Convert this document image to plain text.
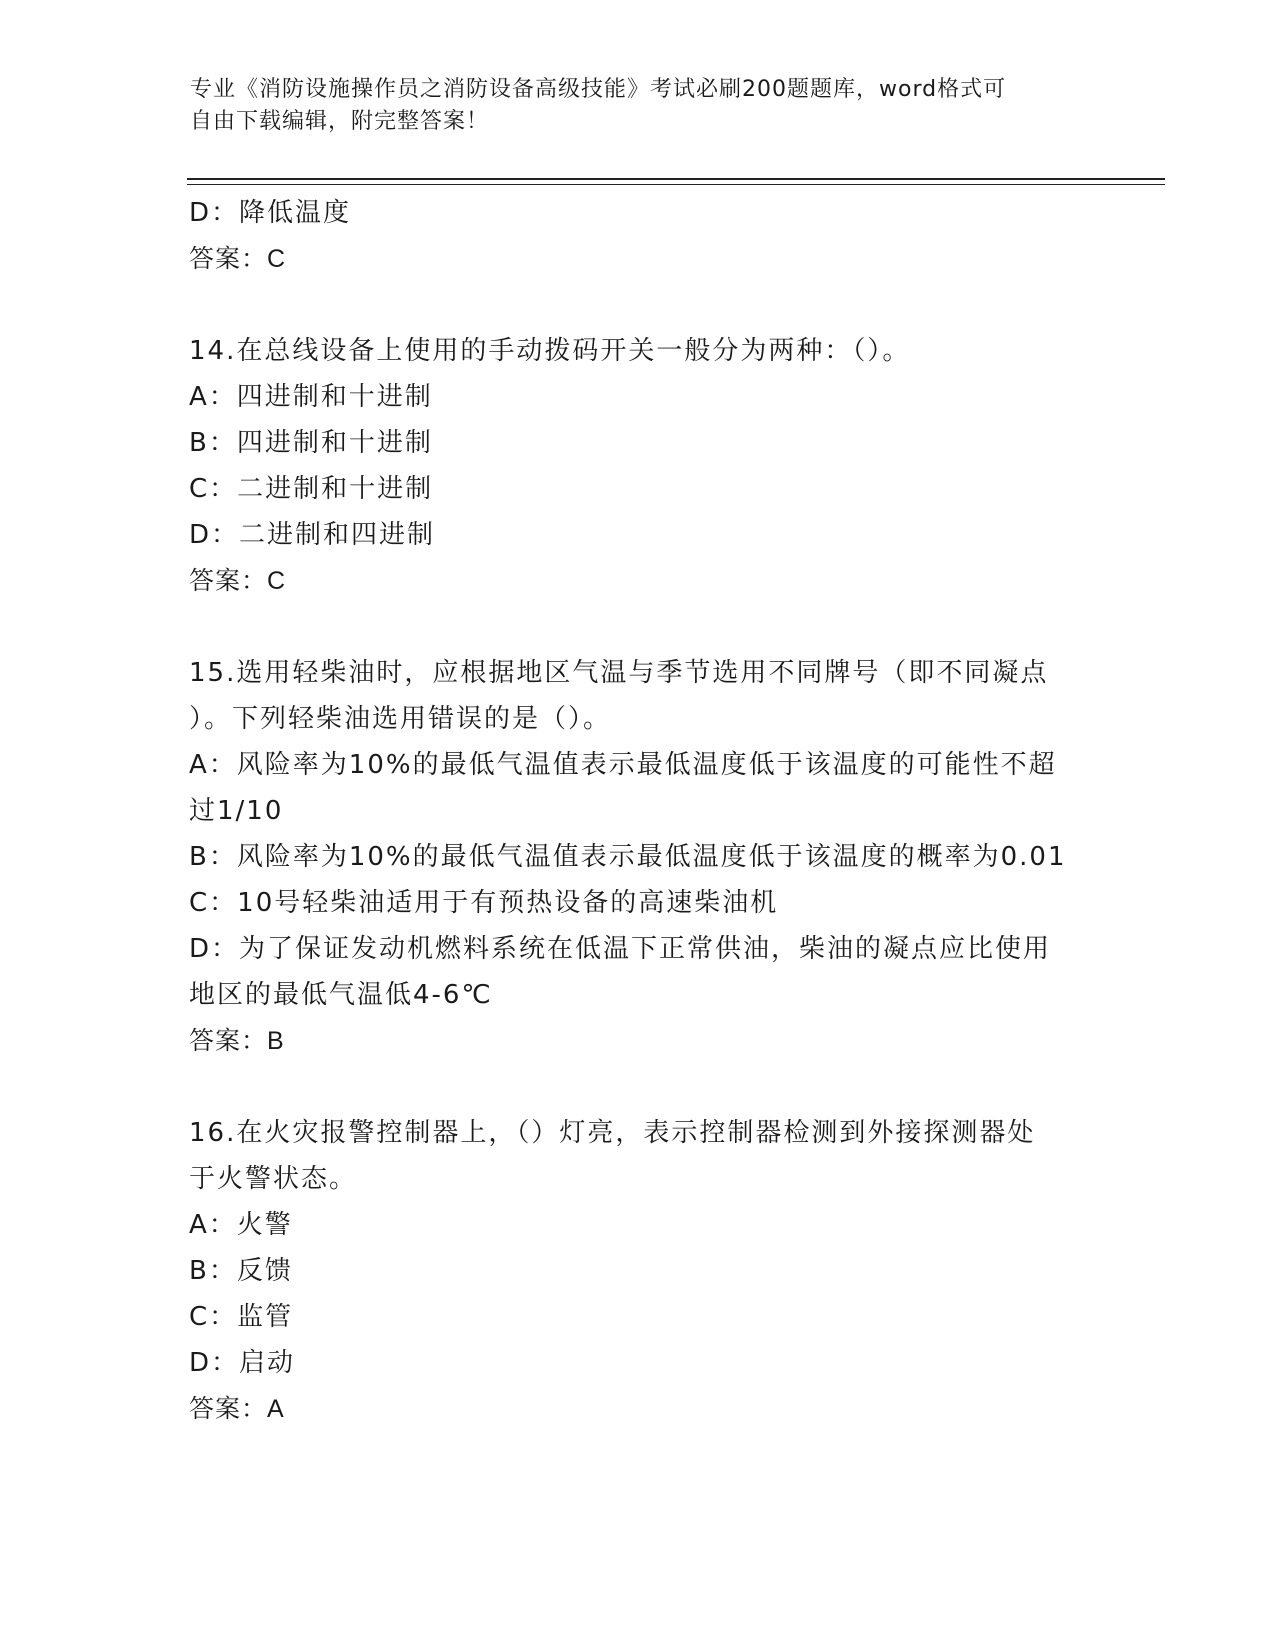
专业《消防设施操作员之消防设备高级技能》考试必刷200题题库，word格式可
自由下载编辑，附完整答案！
D：降低温度
答案：C
14.在总线设备上使用的手动拨码开关一般分为两种：（）。
A：四进制和十进制
B：四进制和十进制
C：二进制和十进制
D：二进制和四进制
答案：C
15.选用轻柴油时，应根据地区气温与季节选用不同牌号（即不同凝点
）。下列轻柴油选用错误的是（）。
A：风险率为10%的最低气温值表示最低温度低于该温度的可能性不超
过1/10
B：风险率为10%的最低气温值表示最低温度低于该温度的概率为0.01
C：10号轻柴油适用于有预热设备的高速柴油机
D：为了保证发动机燃料系统在低温下正常供油，柴油的凝点应比使用
地区的最低气温低4-6℃
答案：B
16.在火灾报警控制器上，（）灯亮，表示控制器检测到外接探测器处
于火警状态。
A：火警
B：反馈
C：监管
D：启动
答案：A
